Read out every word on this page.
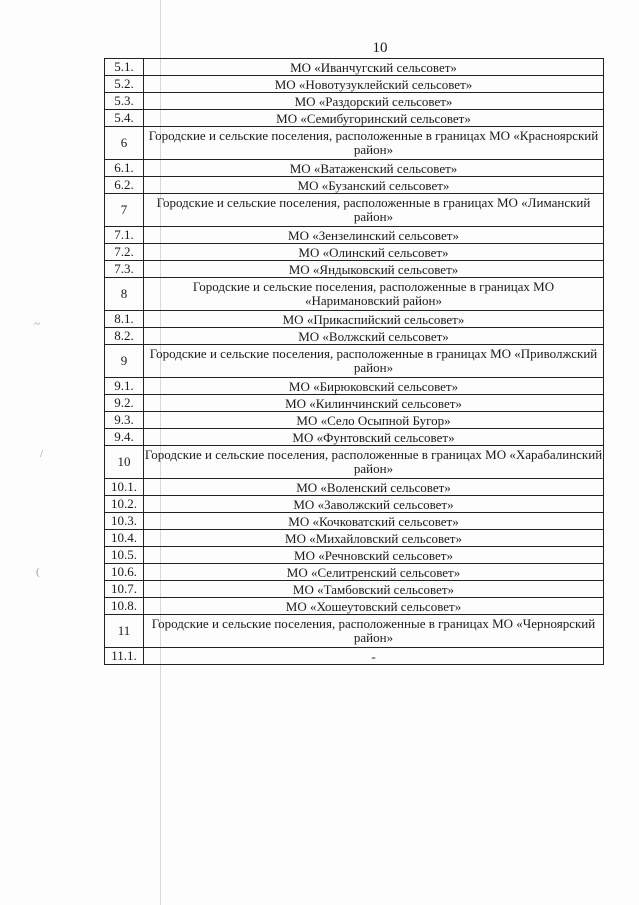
10
5.1.	МО «Иванчугский сельсовет»
5.2.	МО «Новотузуклейский сельсовет»
5.3.	МО «Раздорский сельсовет»
5.4.	МО «Семибугоринский сельсовет»
6	Городские и сельские поселения, расположенные в границах МО «Красноярский район»
6.1.	МО «Ватаженский сельсовет»
6.2.	МО «Бузанский сельсовет»
7	Городские и сельские поселения, расположенные в границах МО «Лиманский район»
7.1.	МО «Зензелинский сельсовет»
7.2.	МО «Олинский сельсовет»
7.3.	МО «Яндыковский сельсовет»
8	Городские и сельские поселения, расположенные в границах МО «Наримановский район»
8.1.	МО «Прикаспийский сельсовет»
8.2.	МО «Волжский сельсовет»
9	Городские и сельские поселения, расположенные в границах МО «Приволжский район»
9.1.	МО «Бирюковский сельсовет»
9.2.	МО «Килинчинский сельсовет»
9.3.	МО «Село Осыпной Бугор»
9.4.	МО «Фунтовский сельсовет»
10	Городские и сельские поселения, расположенные в границах МО «Харабалинский район»
10.1.	МО «Воленский сельсовет»
10.2.	МО «Заволжский сельсовет»
10.3.	МО «Кочковатский сельсовет»
10.4.	МО «Михайловский сельсовет»
10.5.	МО «Речновский сельсовет»
10.6.	МО «Селитренский сельсовет»
10.7.	МО «Тамбовский сельсовет»
10.8.	МО «Хошеутовский сельсовет»
11	Городские и сельские поселения, расположенные в границах МО «Черноярский район»
11.1.	-
~
/
(
